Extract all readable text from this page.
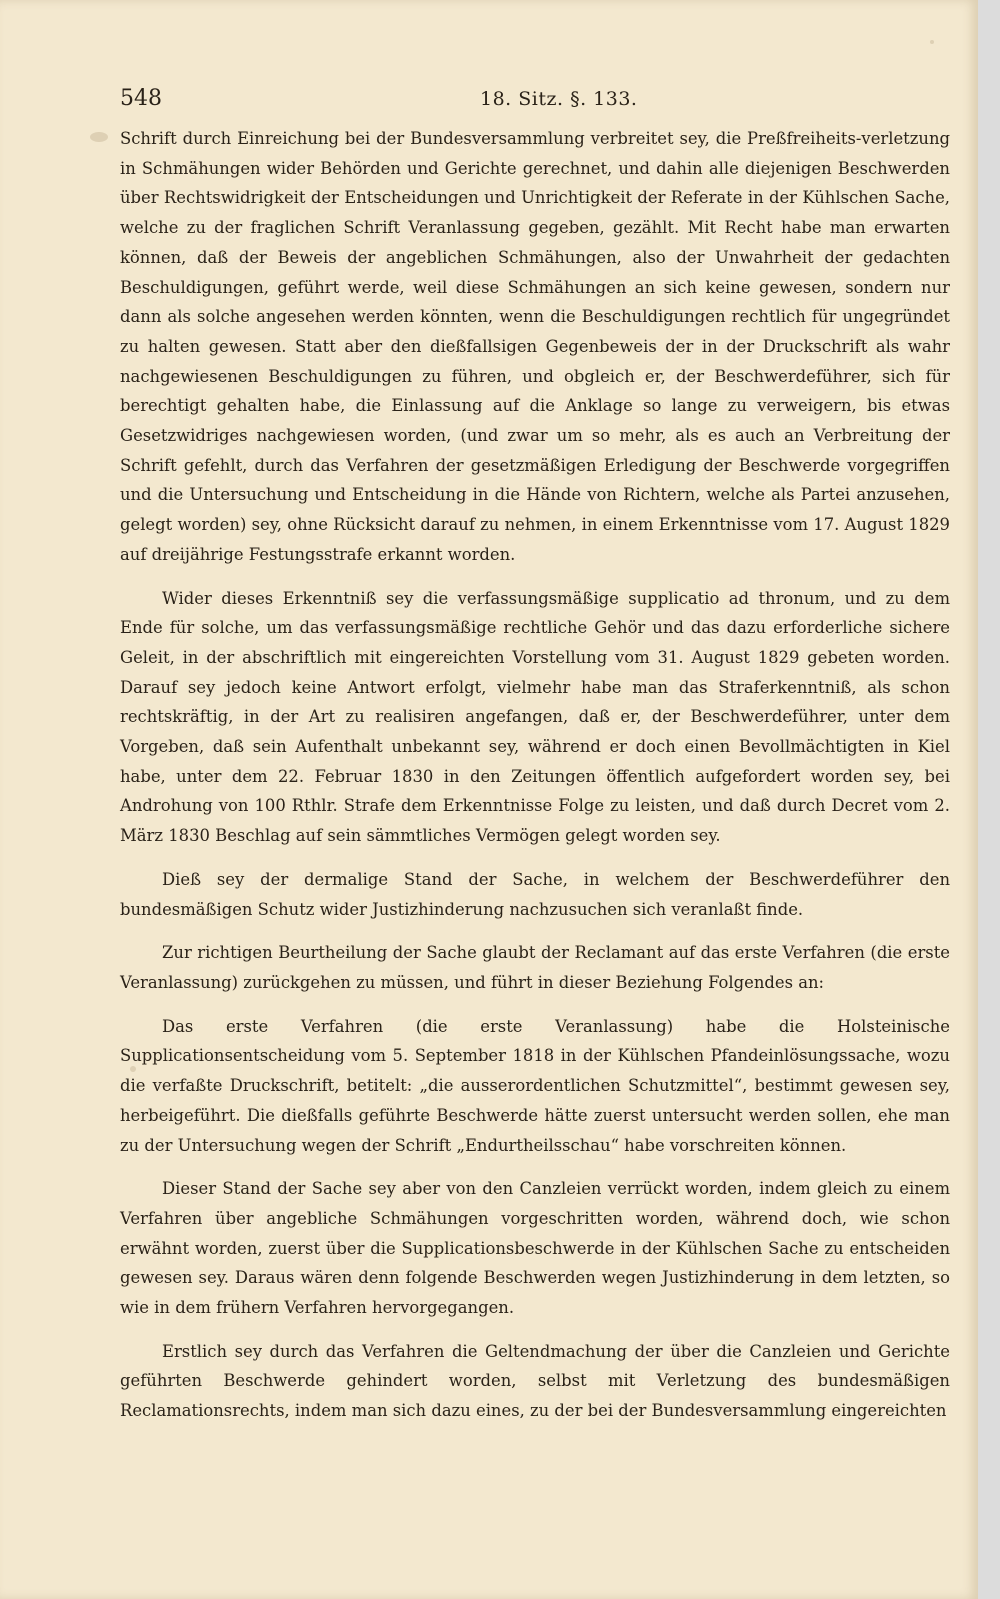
548	18. Sitz. §. 133.

Schrift durch Einreichung bei der Bundesversammlung verbreitet sey, die Preßfreiheits-verletzung in Schmähungen wider Behörden und Gerichte gerechnet, und dahin alle diejenigen Beschwerden über Rechtswidrigkeit der Entscheidungen und Unrichtigkeit der Referate in der Kühlschen Sache, welche zu der fraglichen Schrift Veranlassung gegeben, gezählt. Mit Recht habe man erwarten können, daß der Beweis der angeblichen Schmähungen, also der Unwahrheit der gedachten Beschuldigungen, geführt werde, weil diese Schmähungen an sich keine gewesen, sondern nur dann als solche angesehen werden könnten, wenn die Beschuldigungen rechtlich für ungegründet zu halten gewesen. Statt aber den dießfallsigen Gegenbeweis der in der Druckschrift als wahr nachgewiesenen Beschuldigungen zu führen, und obgleich er, der Beschwerdeführer, sich für berechtigt gehalten habe, die Einlassung auf die Anklage so lange zu verweigern, bis etwas Gesetzwidriges nachgewiesen worden, (und zwar um so mehr, als es auch an Verbreitung der Schrift gefehlt, durch das Verfahren der gesetzmäßigen Erledigung der Beschwerde vorgegriffen und die Untersuchung und Entscheidung in die Hände von Richtern, welche als Partei anzusehen, gelegt worden) sey, ohne Rücksicht darauf zu nehmen, in einem Erkenntnisse vom 17. August 1829 auf dreijährige Festungsstrafe erkannt worden.

Wider dieses Erkenntniß sey die verfassungsmäßige supplicatio ad thronum, und zu dem Ende für solche, um das verfassungsmäßige rechtliche Gehör und das dazu erforderliche sichere Geleit, in der abschriftlich mit eingereichten Vorstellung vom 31. August 1829 gebeten worden. Darauf sey jedoch keine Antwort erfolgt, vielmehr habe man das Straferkenntniß, als schon rechtskräftig, in der Art zu realisiren angefangen, daß er, der Beschwerdeführer, unter dem Vorgeben, daß sein Aufenthalt unbekannt sey, während er doch einen Bevollmächtigten in Kiel habe, unter dem 22. Februar 1830 in den Zeitungen öffentlich aufgefordert worden sey, bei Androhung von 100 Rthlr. Strafe dem Erkenntnisse Folge zu leisten, und daß durch Decret vom 2. März 1830 Beschlag auf sein sämmtliches Vermögen gelegt worden sey.

Dieß sey der dermalige Stand der Sache, in welchem der Beschwerdeführer den bundesmäßigen Schutz wider Justizhinderung nachzusuchen sich veranlaßt finde.

Zur richtigen Beurtheilung der Sache glaubt der Reclamant auf das erste Verfahren (die erste Veranlassung) zurückgehen zu müssen, und führt in dieser Beziehung Folgendes an:

Das erste Verfahren (die erste Veranlassung) habe die Holsteinische Supplicationsentscheidung vom 5. September 1818 in der Kühlschen Pfandeinlösungssache, wozu die verfaßte Druckschrift, betitelt: „die ausserordentlichen Schutzmittel“, bestimmt gewesen sey, herbeigeführt. Die dießfalls geführte Beschwerde hätte zuerst untersucht werden sollen, ehe man zu der Untersuchung wegen der Schrift „Endurtheilsschau“ habe vorschreiten können.

Dieser Stand der Sache sey aber von den Canzleien verrückt worden, indem gleich zu einem Verfahren über angebliche Schmähungen vorgeschritten worden, während doch, wie schon erwähnt worden, zuerst über die Supplicationsbeschwerde in der Kühlschen Sache zu entscheiden gewesen sey. Daraus wären denn folgende Beschwerden wegen Justizhinderung in dem letzten, so wie in dem frühern Verfahren hervorgegangen.

Erstlich sey durch das Verfahren die Geltendmachung der über die Canzleien und Gerichte geführten Beschwerde gehindert worden, selbst mit Verletzung des bundesmäßigen Reclamationsrechts, indem man sich dazu eines, zu der bei der Bundesversammlung eingereichten
